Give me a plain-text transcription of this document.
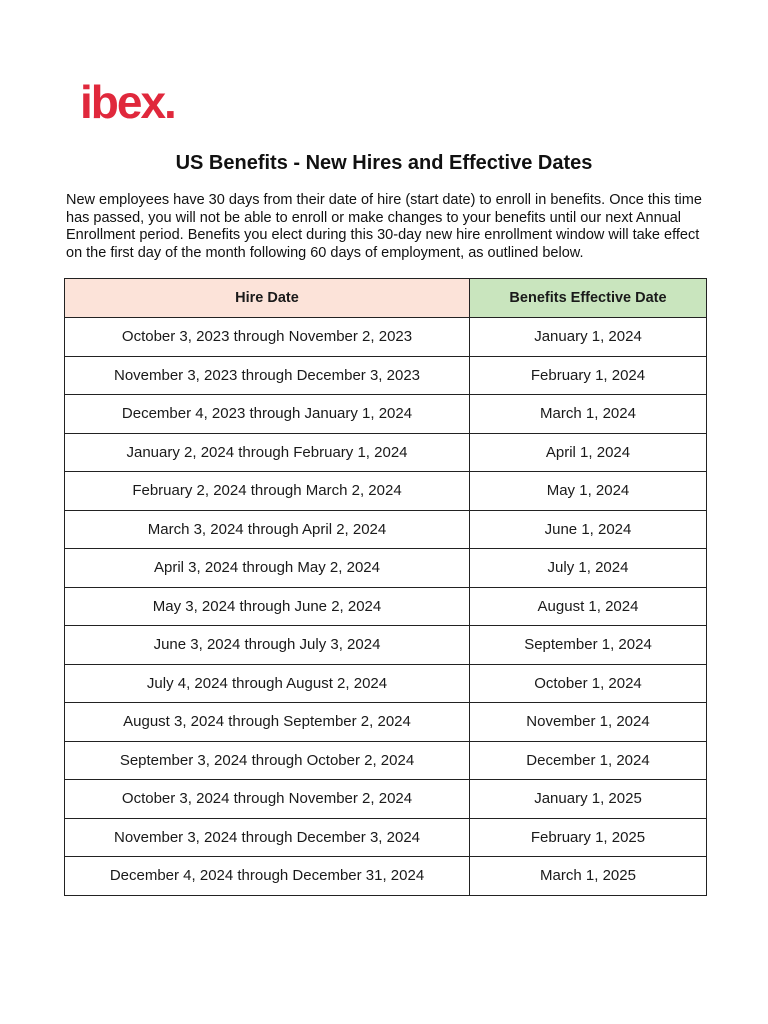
ibex.
US Benefits - New Hires and Effective Dates

New employees have 30 days from their date of hire (start date) to enroll in benefits. Once this time has passed, you will not be able to enroll or make changes to your benefits until our next Annual Enrollment period. Benefits you elect during this 30-day new hire enrollment window will take effect on the first day of the month following 60 days of employment, as outlined below.

Hire Date	Benefits Effective Date
October 3, 2023 through November 2, 2023	January 1, 2024
November 3, 2023 through December 3, 2023	February 1, 2024
December 4, 2023 through January 1, 2024	March 1, 2024
January 2, 2024 through February 1, 2024	April 1, 2024
February 2, 2024 through March 2, 2024	May 1, 2024
March 3, 2024 through April 2, 2024	June 1, 2024
April 3, 2024 through May 2, 2024	July 1, 2024
May 3, 2024 through June 2, 2024	August 1, 2024
June 3, 2024 through July 3, 2024	September 1, 2024
July 4, 2024 through August 2, 2024	October 1, 2024
August 3, 2024 through September 2, 2024	November 1, 2024
September 3, 2024 through October 2, 2024	December 1, 2024
October 3, 2024 through November 2, 2024	January 1, 2025
November 3, 2024 through December 3, 2024	February 1, 2025
December 4, 2024 through December 31, 2024	March 1, 2025
